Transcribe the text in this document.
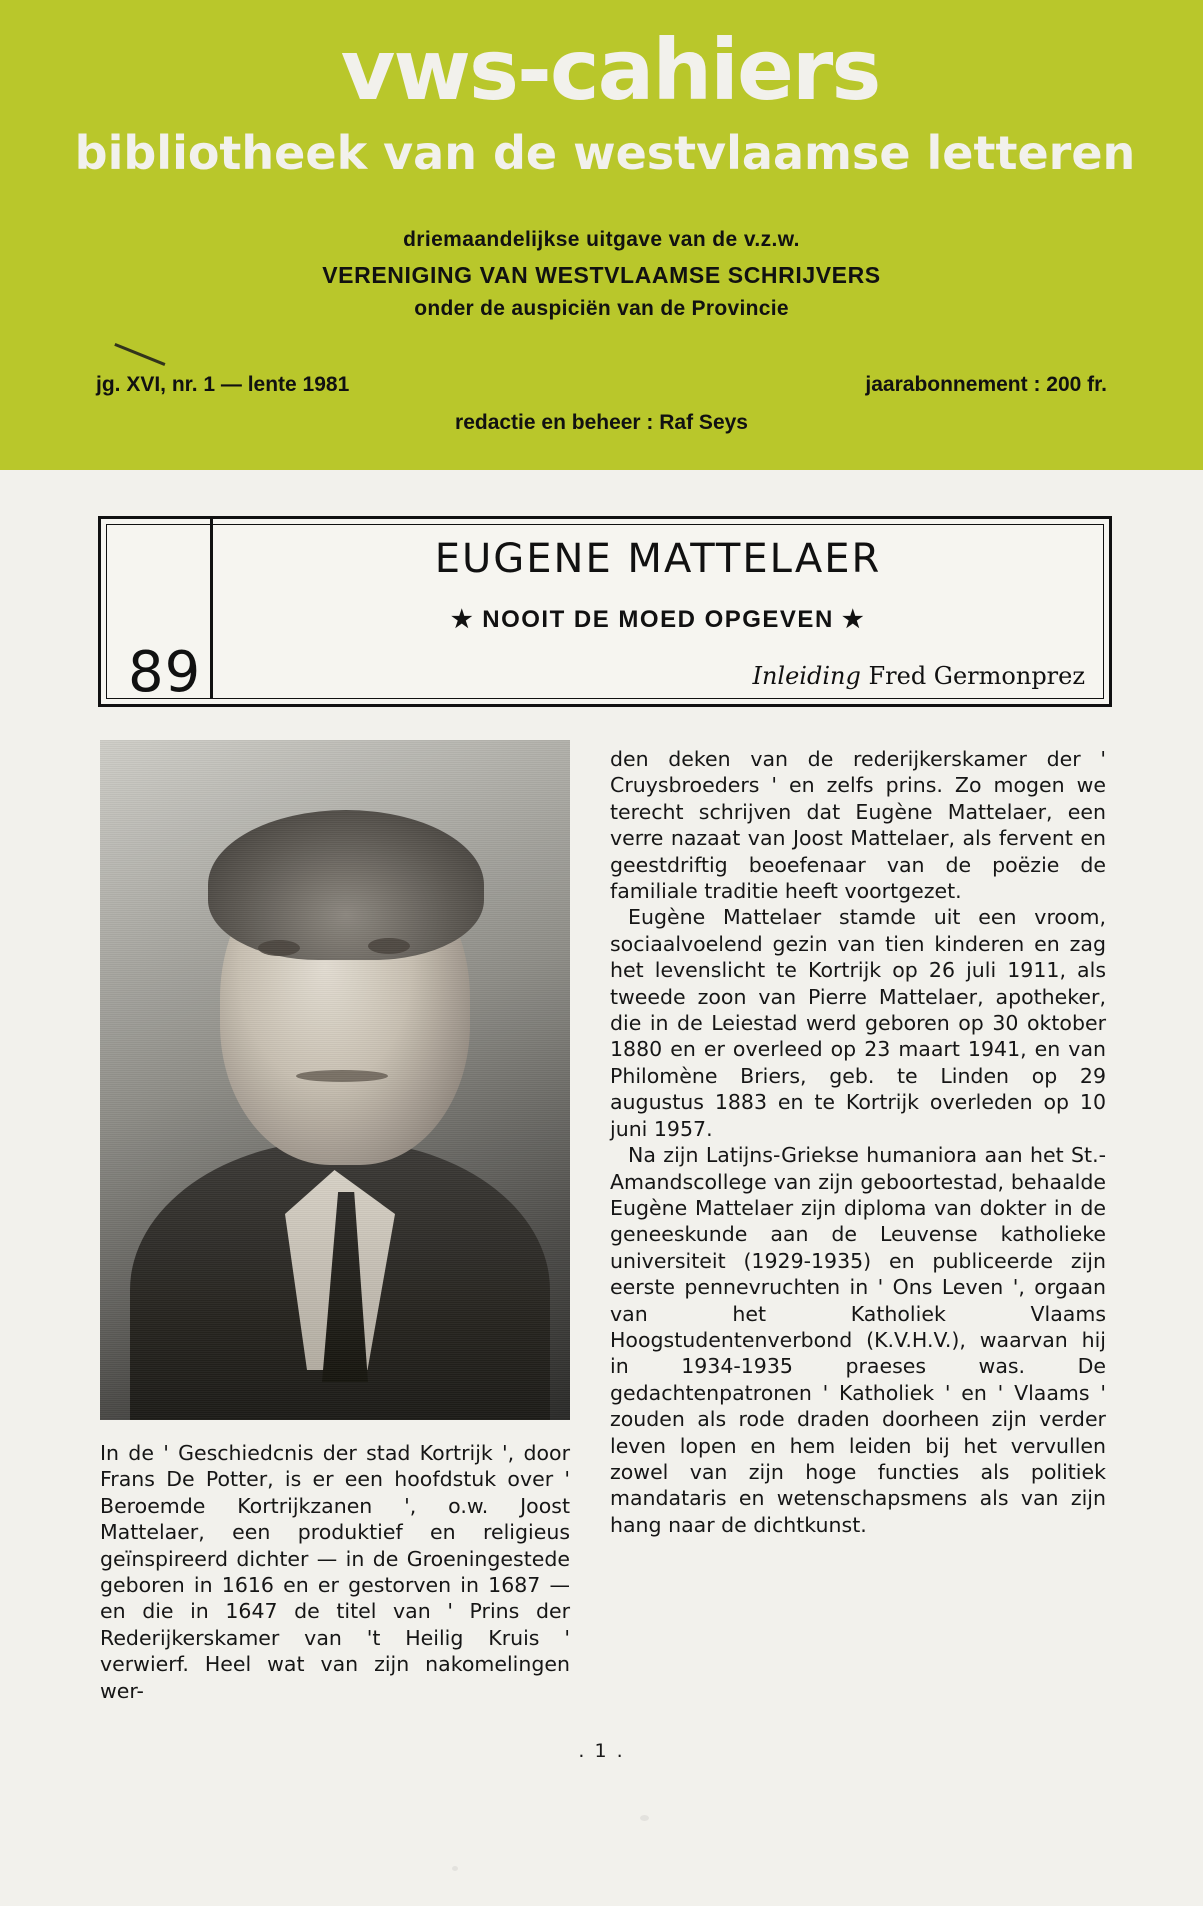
vws-cahiers
bibliotheek van de westvlaamse letteren
driemaandelijkse uitgave van de v.z.w.
VERENIGING VAN WESTVLAAMSE SCHRIJVERS
onder de auspiciën van de Provincie
jg. XVI, nr. 1 — lente 1981	jaarabonnement : 200 fr.
redactie en beheer : Raf Seys
89
EUGENE MATTELAER
★ NOOIT DE MOED OPGEVEN ★
Inleiding Fred Germonprez

In de ' Geschiedcnis der stad Kortrijk ', door Frans De Potter, is er een hoofdstuk over ' Beroemde Kortrijkzanen ', o.w. Joost Mattelaer, een produktief en religieus geïnspireerd dichter — in de Groeningestede geboren in 1616 en er gestorven in 1687 — en die in 1647 de titel van ' Prins der Rederijkerskamer van 't Heilig Kruis ' verwierf. Heel wat van zijn nakomelingen wer-

den deken van de rederijkerskamer der ' Cruysbroeders ' en zelfs prins. Zo mogen we terecht schrijven dat Eugène Mattelaer, een verre nazaat van Joost Mattelaer, als fervent en geestdriftig beoefenaar van de poëzie de familiale traditie heeft voortgezet.

Eugène Mattelaer stamde uit een vroom, sociaalvoelend gezin van tien kinderen en zag het levenslicht te Kortrijk op 26 juli 1911, als tweede zoon van Pierre Mattelaer, apotheker, die in de Leiestad werd geboren op 30 oktober 1880 en er overleed op 23 maart 1941, en van Philomène Briers, geb. te Linden op 29 augustus 1883 en te Kortrijk overleden op 10 juni 1957.

Na zijn Latijns-Griekse humaniora aan het St.-Amandscollege van zijn geboortestad, behaalde Eugène Mattelaer zijn diploma van dokter in de geneeskunde aan de Leuvense katholieke universiteit (1929-1935) en publiceerde zijn eerste pennevruchten in ' Ons Leven ', orgaan van het Katholiek Vlaams Hoogstudentenverbond (K.V.H.V.), waarvan hij in 1934-1935 praeses was. De gedachtenpatronen ' Katholiek ' en ' Vlaams ' zouden als rode draden doorheen zijn verder leven lopen en hem leiden bij het vervullen zowel van zijn hoge functies als politiek mandataris en wetenschapsmens als van zijn hang naar de dichtkunst.

. 1 .
